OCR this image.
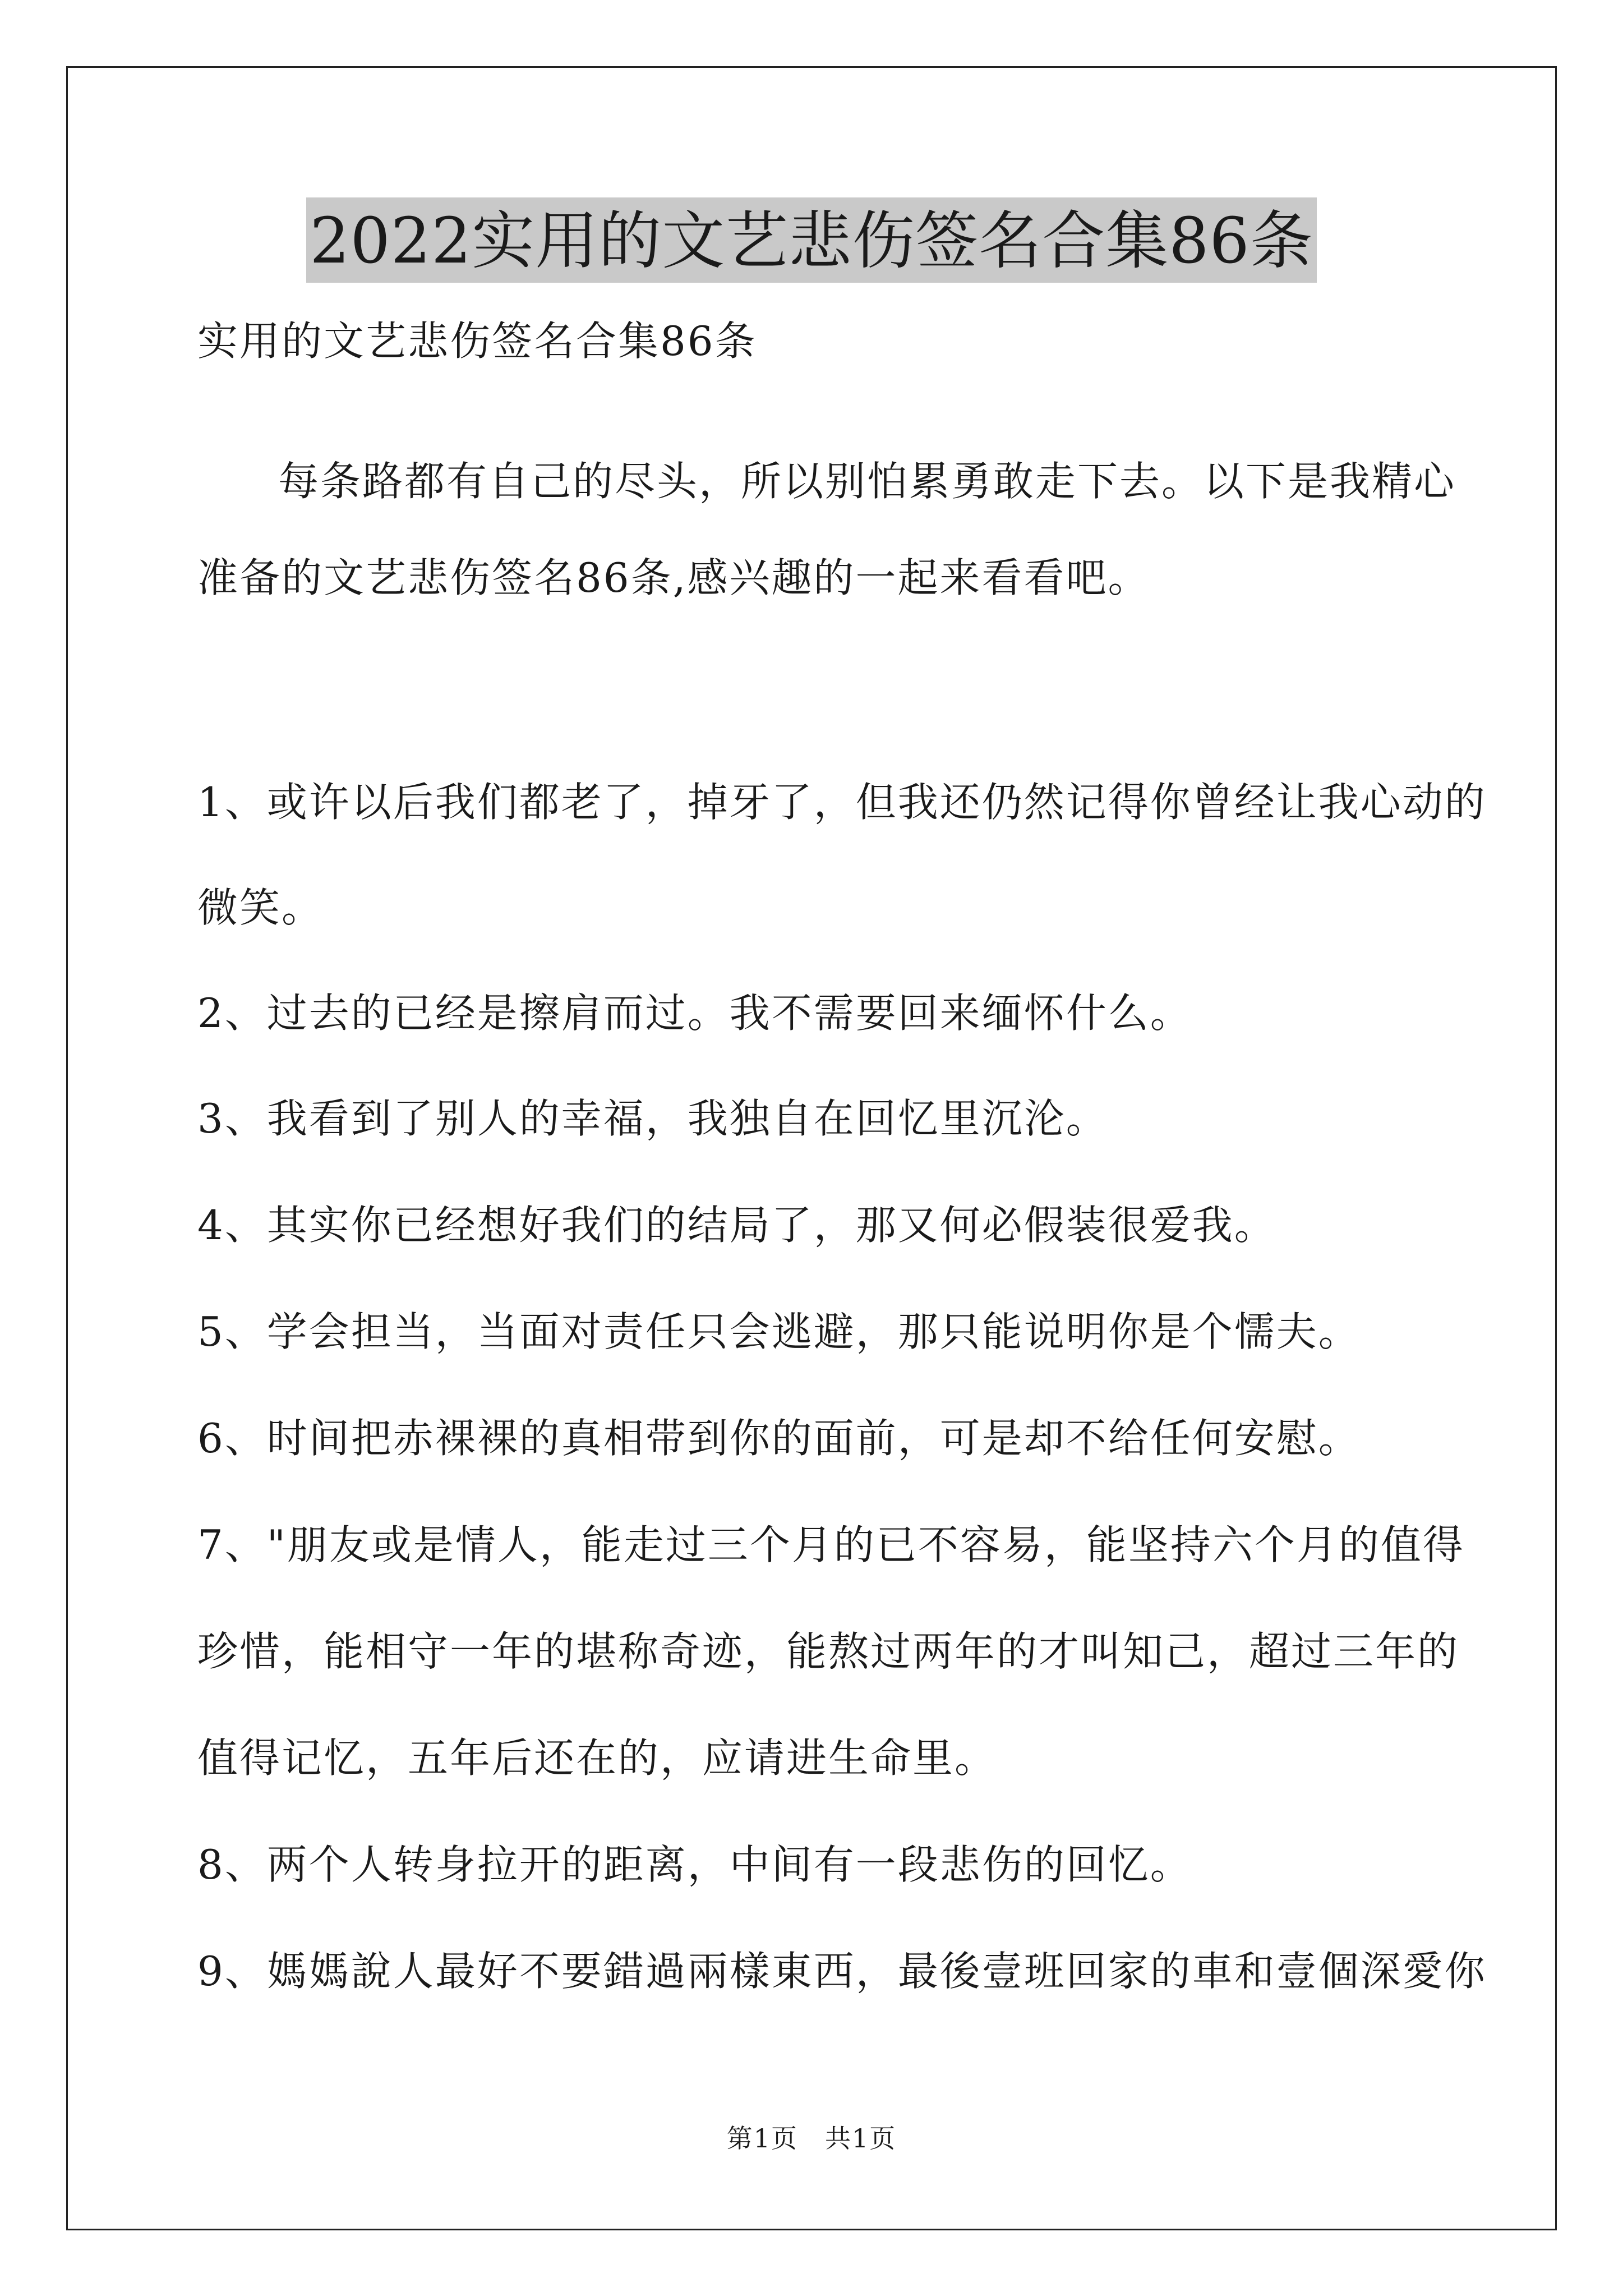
2022实用的文艺悲伤签名合集86条
实用的文艺悲伤签名合集86条
每条路都有自己的尽头，所以别怕累勇敢走下去。以下是我精心
准备的文艺悲伤签名86条,感兴趣的一起来看看吧。
1、或许以后我们都老了，掉牙了，但我还仍然记得你曾经让我心动的
微笑。
2、过去的已经是擦肩而过。我不需要回来缅怀什么。
3、我看到了别人的幸福，我独自在回忆里沉沦。
4、其实你已经想好我们的结局了，那又何必假装很爱我。
5、学会担当，当面对责任只会逃避，那只能说明你是个懦夫。
6、时间把赤裸裸的真相带到你的面前，可是却不给任何安慰。
7、"朋友或是情人，能走过三个月的已不容易，能坚持六个月的值得
珍惜，能相守一年的堪称奇迹，能熬过两年的才叫知己，超过三年的
值得记忆，五年后还在的，应请进生命里。
8、两个人转身拉开的距离，中间有一段悲伤的回忆。
9、媽媽說人最好不要錯過兩樣東西，最後壹班回家的車和壹個深愛你
第1页　共1页
